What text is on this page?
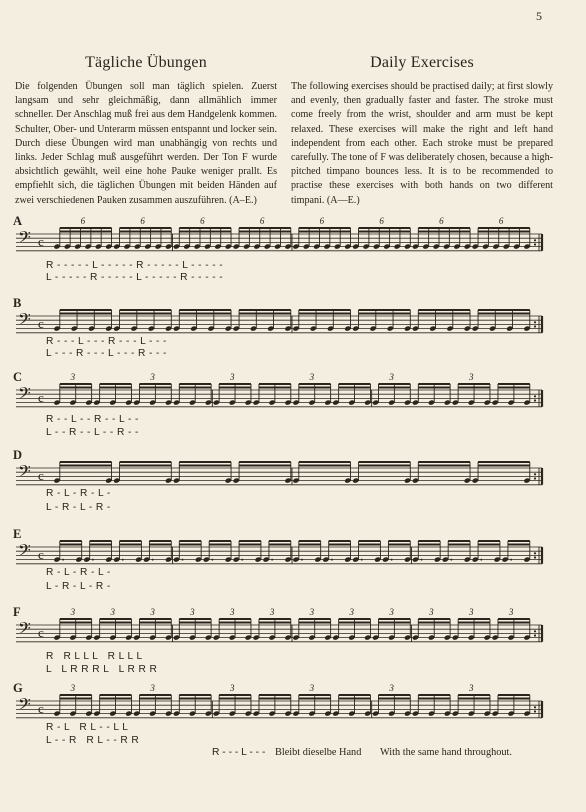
5
Tägliche Übungen

Die folgenden Übungen soll man täglich spielen. Zuerst langsam und sehr gleichmäßig, dann allmählich immer schneller. Der Anschlag muß frei aus dem Handgelenk kommen. Schulter, Ober- und Unterarm müssen entspannt und locker sein. Durch diese Übungen wird man unabhängig von rechts und links. Jeder Schlag muß ausgeführt werden. Der Ton F wurde absichtlich gewählt, weil eine hohe Pauke weniger prallt. Es empfiehlt sich, die täglichen Übungen mit beiden Händen auf zwei verschiedenen Pauken zusammen auszuführen. (A–E.)

Daily Exercises

The following exercises should be practised daily; at first slowly and evenly, then gradually faster and faster. The stroke must come freely from the wrist, shoulder and arm must be kept relaxed. These exercises will make the right and left hand independent from each other. Each stroke must be prepared carefully. The tone of F was deliberately chosen, because a high-pitched timpano bounces less. It is to be recommended to practise these exercises with both hands on two different timpani. (A—E.)

A
𝄢 c
6	6	6	6	6	6	6	6
R - - - - - L - - - - - R - - - - - L - - - - -
L - - - - - R - - - - - L - - - - - R - - - - -
B
𝄢 c
R - - - L - - - R - - - L - - -
L - - - R - - - L - - - R - - -
C
𝄢 c
3	3	3	3	3	3
R - - L - - R - - L - -
L - - R - - L - - R - -
D
𝄢 c
R - L - R - L -
L - R - L - R -
E
𝄢 c
R - L - R - L -
L - R - L - R -
F
𝄢 c
3	3	3	3	3	3	3	3	3	3	3	3
R   R L L L   R L L L
L   L R R R L   L R R R
G
𝄢 c
3	3	3	3	3	3
R - L   R L - - L L
L - - R   R L - - R R
R - - - L - - - Bleibt dieselbe Hand With the same hand throughout.
